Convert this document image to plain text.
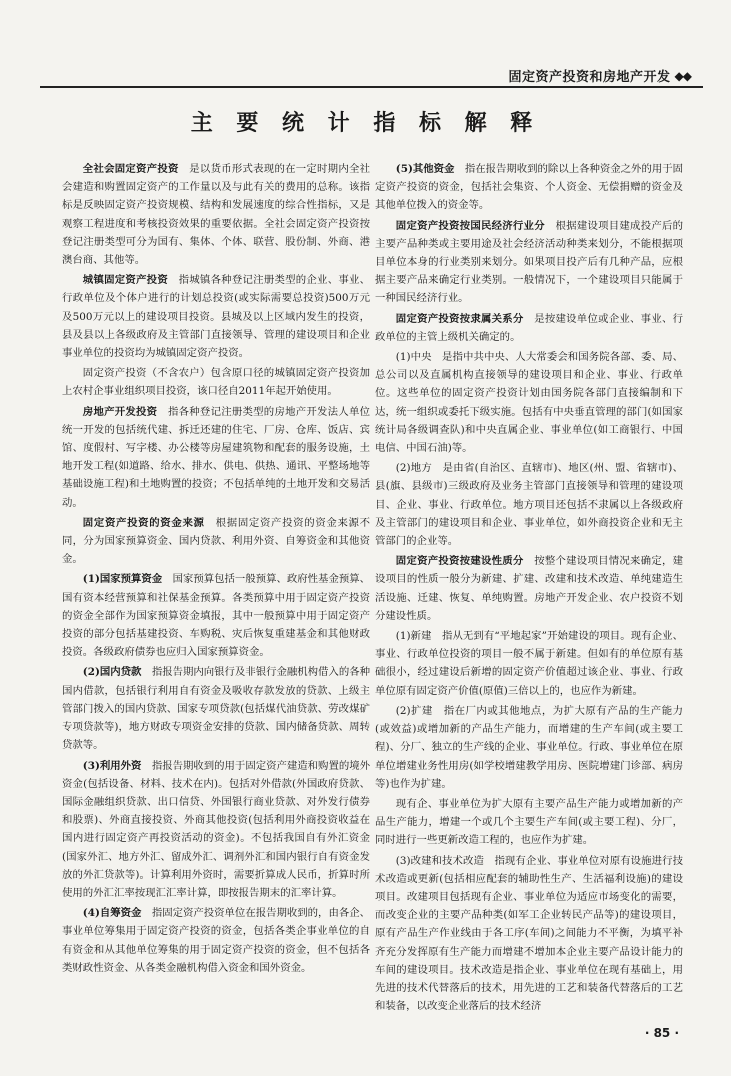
固定资产投资和房地产开发 ◆◆
主 要 统 计 指 标 解 释

全社会固定资产投资　 是以货币形式表现的在一定时期内全社会建造和购置固定资产的工作量以及与此有关的费用的总称。该指标是反映固定资产投资规模、结构和发展速度的综合性指标，又是观察工程进度和考核投资效果的重要依据。全社会固定资产投资按登记注册类型可分为国有、集体、个体、联营、股份制、外商、港澳台商、其他等。

城镇固定资产投资　 指城镇各种登记注册类型的企业、事业、行政单位及个体户进行的计划总投资(或实际需要总投资)500万元及500万元以上的建设项目投资。县城及以上区域内发生的投资，县及县以上各级政府及主管部门直接领导、管理的建设项目和企业事业单位的投资均为城镇固定资产投资。

固定资产投资（不含农户）包含原口径的城镇固定资产投资加上农村企事业组织项目投资，该口径自2011年起开始使用。

房地产开发投资　 指各种登记注册类型的房地产开发法人单位统一开发的包括统代建、拆迁还建的住宅、厂房、仓库、饭店、宾馆、度假村、写字楼、办公楼等房屋建筑物和配套的服务设施，土地开发工程(如道路、给水、排水、供电、供热、通讯、平整场地等基础设施工程)和土地购置的投资；不包括单纯的土地开发和交易活动。

固定资产投资的资金来源　 根据固定资产投资的资金来源不同，分为国家预算资金、国内贷款、利用外资、自筹资金和其他资金。

(1)国家预算资金　 国家预算包括一般预算、政府性基金预算、国有资本经营预算和社保基金预算。各类预算中用于固定资产投资的资金全部作为国家预算资金填报，其中一般预算中用于固定资产投资的部分包括基建投资、车购税、灾后恢复重建基金和其他财政投资。各级政府债券也应归入国家预算资金。

(2)国内贷款　 指报告期内向银行及非银行金融机构借入的各种国内借款，包括银行利用自有资金及吸收存款发放的贷款、上级主管部门拨入的国内贷款、国家专项贷款(包括煤代油贷款、劳改煤矿专项贷款等)，地方财政专项资金安排的贷款、国内储备贷款、周转贷款等。

(3)利用外资　 指报告期收到的用于固定资产建造和购置的境外资金(包括设备、材料、技术在内)。包括对外借款(外国政府贷款、国际金融组织贷款、出口信贷、外国银行商业贷款、对外发行债券和股票)、外商直接投资、外商其他投资(包括利用外商投资收益在国内进行固定资产再投资活动的资金)。不包括我国自有外汇资金(国家外汇、地方外汇、留成外汇、调剂外汇和国内银行自有资金发放的外汇贷款等)。计算利用外资时，需要折算成人民币，折算时所使用的外汇汇率按现汇汇率计算，即按报告期末的汇率计算。

(4)自筹资金　 指固定资产投资单位在报告期收到的，由各企、事业单位筹集用于固定资产投资的资金，包括各类企事业单位的自有资金和从其他单位筹集的用于固定资产投资的资金，但不包括各类财政性资金、从各类金融机构借入资金和国外资金。

(5)其他资金　 指在报告期收到的除以上各种资金之外的用于固定资产投资的资金，包括社会集资、个人资金、无偿捐赠的资金及其他单位拨入的资金等。

固定资产投资按国民经济行业分　 根据建设项目建成投产后的主要产品种类或主要用途及社会经济活动种类来划分，不能根据项目单位本身的行业类别来划分。如果项目投产后有几种产品，应根据主要产品来确定行业类别。一般情况下，一个建设项目只能属于一种国民经济行业。

固定资产投资按隶属关系分　 是按建设单位或企业、事业、行政单位的主管上级机关确定的。

(1)中央　是指中共中央、人大常委会和国务院各部、委、局、总公司以及直属机构直接领导的建设项目和企业、事业、行政单位。这些单位的固定资产投资计划由国务院各部门直接编制和下达，统一组织或委托下级实施。包括有中央垂直管理的部门(如国家统计局各级调查队)和中央直属企业、事业单位(如工商银行、中国电信、中国石油)等。

(2)地方　是由省(自治区、直辖市)、地区(州、盟、省辖市)、县(旗、县级市)三级政府及业务主管部门直接领导和管理的建设项目、企业、事业、行政单位。地方项目还包括不隶属以上各级政府及主管部门的建设项目和企业、事业单位，如外商投资企业和无主管部门的企业等。

固定资产投资按建设性质分　 按整个建设项目情况来确定，建设项目的性质一般分为新建、扩建、改建和技术改造、单纯建造生活设施、迁建、恢复、单纯购置。房地产开发企业、农户投资不划分建设性质。

(1)新建　指从无到有“平地起家”开始建设的项目。现有企业、事业、行政单位投资的项目一般不属于新建。但如有的单位原有基础很小，经过建设后新增的固定资产价值超过该企业、事业、行政单位原有固定资产价值(原值)三倍以上的，也应作为新建。

(2)扩建　指在厂内或其他地点，为扩大原有产品的生产能力(或效益)或增加新的产品生产能力，而增建的生产车间(或主要工程)、分厂、独立的生产线的企业、事业单位。行政、事业单位在原单位增建业务性用房(如学校增建教学用房、医院增建门诊部、病房等)也作为扩建。

现有企、事业单位为扩大原有主要产品生产能力或增加新的产品生产能力，增建一个或几个主要生产车间(或主要工程)、分厂，同时进行一些更新改造工程的，也应作为扩建。

(3)改建和技术改造　指现有企业、事业单位对原有设施进行技术改造或更新(包括相应配套的辅助性生产、生活福利设施)的建设项目。改建项目包括现有企业、事业单位为适应市场变化的需要，而改变企业的主要产品种类(如军工企业转民产品等)的建设项目，原有产品生产作业线由于各工序(车间)之间能力不平衡，为填平补齐充分发挥原有生产能力而增建不增加本企业主要产品设计能力的车间的建设项目。技术改造是指企业、事业单位在现有基础上，用先进的技术代替落后的技术，用先进的工艺和装备代替落后的工艺和装备，以改变企业落后的技术经济

· 85 ·
